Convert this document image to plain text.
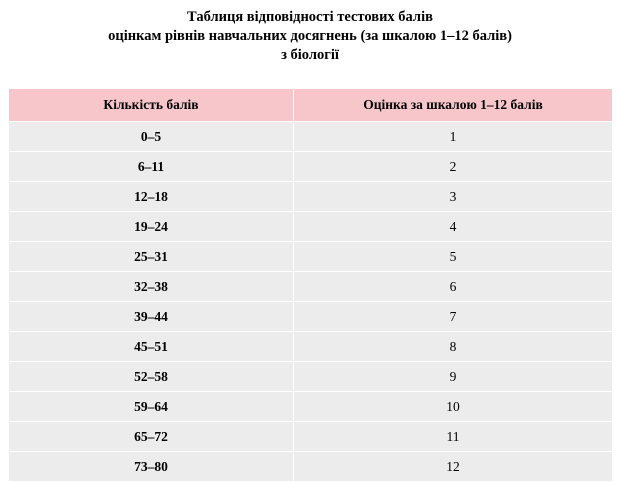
Таблиця відповідності тестових балів
оцінкам рівнів навчальних досягнень (за шкалою 1–12 балів)
з біології
Кількість балів	Оцінка за шкалою 1–12 балів
0–5	1
6–11	2
12–18	3
19–24	4
25–31	5
32–38	6
39–44	7
45–51	8
52–58	9
59–64	10
65–72	11
73–80	12
